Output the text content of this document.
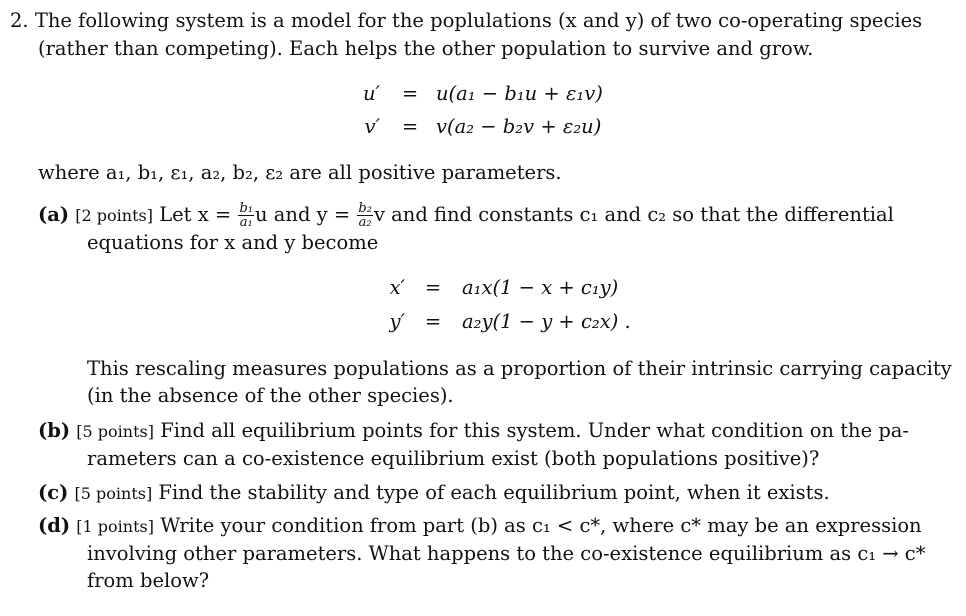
2. The following system is a model for the poplulations (x and y) of two co-operating species
(rather than competing). Each helps the other population to survive and grow.
u′	= u(a₁ − b₁u + ε₁v)
v′	= v(a₂ − b₂v + ε₂u)
where a₁, b₁, ε₁, a₂, b₂, ε₂ are all positive parameters.
(a) [2 points] Let $x = \frac{\text{b₁}}{\text{a₁}}$ u and $y = \frac{\text{b₂}}{\text{a₂}}$ v and find constants c₁ and c₂ so that the differential
equations for x and y become
x′	=	a₁x(1 − x + c₁y)
y′	=	a₂y(1 − y + c₂x) .
This rescaling measures populations as a proportion of their intrinsic carrying capacity
(in the absence of the other species).
(b) [5 points] Find all equilibrium points for this system. Under what condition on the pa-
rameters can a co-existence equilibrium exist (both populations positive)?
(c) [5 points] Find the stability and type of each equilibrium point, when it exists.
(d) [1 points] Write your condition from part (b) as c₁ < c*, where c* may be an expression
involving other parameters. What happens to the co-existence equilibrium as c₁ → c*
from below?
